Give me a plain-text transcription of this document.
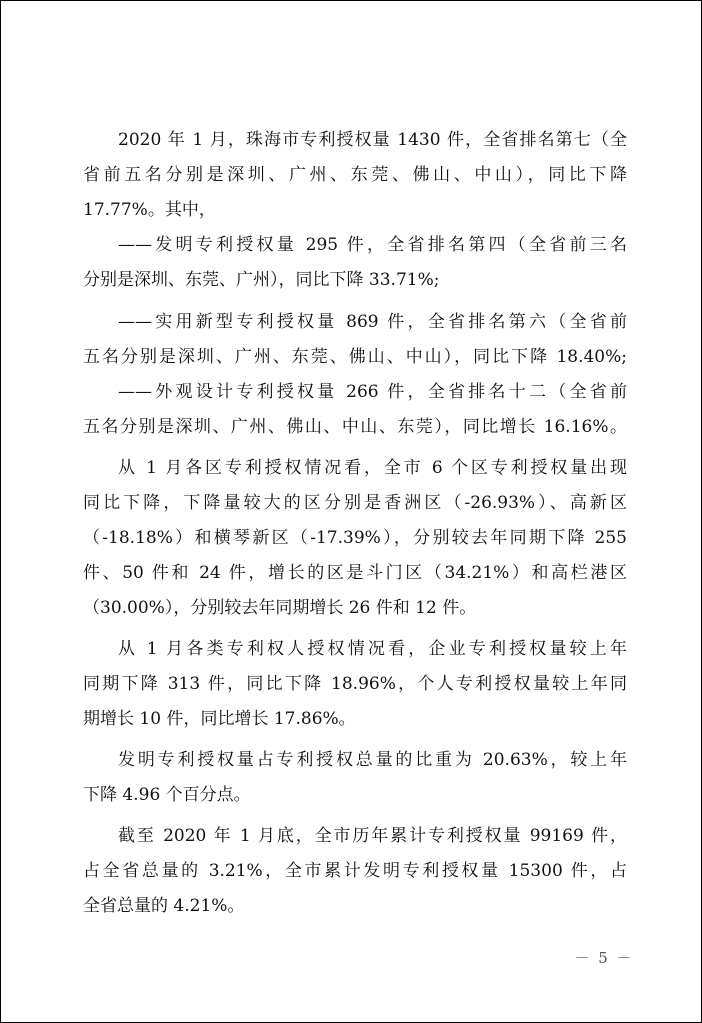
2020 年 1 月，珠海市专利授权量 1430 件，全省排名第七（全
省前五名分别是深圳、广州、东莞、佛山、中山），同比下降
17.77%。其中，
——发明专利授权量 295 件，全省排名第四（全省前三名
分别是深圳、东莞、广州），同比下降 33.71%;
——实用新型专利授权量 869 件，全省排名第六（全省前
五名分别是深圳、广州、东莞、佛山、中山），同比下降 18.40%;
——外观设计专利授权量 266 件，全省排名十二（全省前
五名分别是深圳、广州、佛山、中山、东莞），同比增长 16.16%。
从 1 月各区专利授权情况看，全市 6 个区专利授权量出现
同比下降，下降量较大的区分别是香洲区（-26.93%）、高新区
（-18.18%）和横琴新区（-17.39%），分别较去年同期下降 255
件、50 件和 24 件，增长的区是斗门区（34.21%）和高栏港区
（30.00%），分别较去年同期增长 26 件和 12 件。
从 1 月各类专利权人授权情况看，企业专利授权量较上年
同期下降 313 件，同比下降 18.96%，个人专利授权量较上年同
期增长 10 件，同比增长 17.86%。
发明专利授权量占专利授权总量的比重为 20.63%，较上年
下降 4.96 个百分点。
截至 2020 年 1 月底，全市历年累计专利授权量 99169 件，
占全省总量的 3.21%，全市累计发明专利授权量 15300 件，占
全省总量的 4.21%。
－ 5 －
